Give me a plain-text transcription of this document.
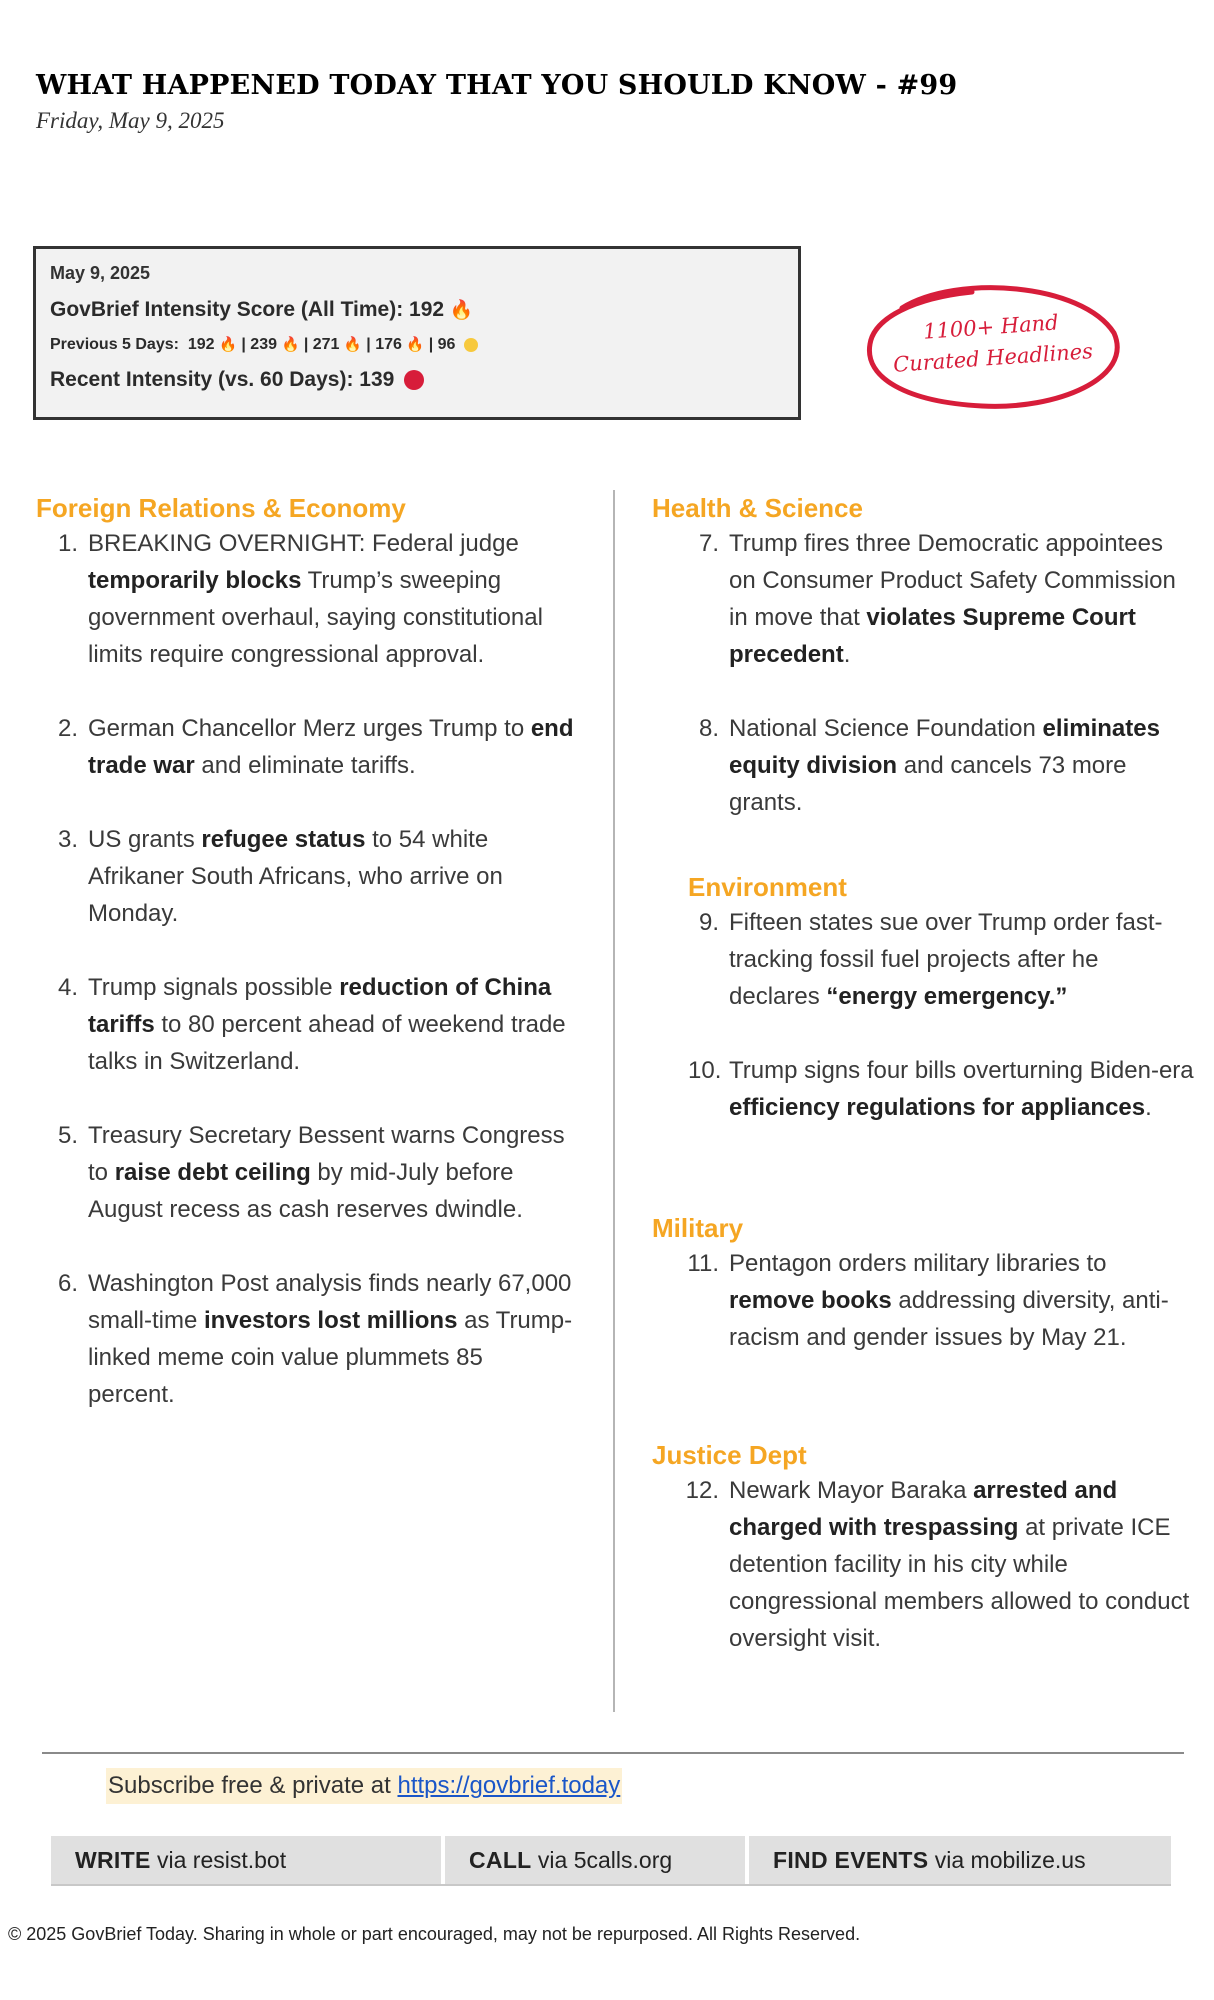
WHAT HAPPENED TODAY THAT YOU SHOULD KNOW - #99
Friday, May 9, 2025
May 9, 2025
GovBrief Intensity Score (All Time): 192 🔥
Previous 5 Days: 192 🔥 | 239 🔥 | 271 🔥 | 176 🔥 | 96
Recent Intensity (vs. 60 Days): 139
1100+ Hand
Curated Headlines
Foreign Relations & Economy
1. BREAKING OVERNIGHT: Federal judge temporarily blocks Trump’s sweeping government overhaul, saying constitutional limits require congressional approval.
2. German Chancellor Merz urges Trump to end trade war and eliminate tariffs.
3. US grants refugee status to 54 white Afrikaner South Africans, who arrive on Monday.
4. Trump signals possible reduction of China tariffs to 80 percent ahead of weekend trade talks in Switzerland.
5. Treasury Secretary Bessent warns Congress to raise debt ceiling by mid-July before August recess as cash reserves dwindle.
6. Washington Post analysis finds nearly 67,000 small-time investors lost millions as Trump-linked meme coin value plummets 85 percent.
Health & Science
7. Trump fires three Democratic appointees on Consumer Product Safety Commission in move that violates Supreme Court precedent.
8. National Science Foundation eliminates equity division and cancels 73 more grants.
Environment
9. Fifteen states sue over Trump order fast-tracking fossil fuel projects after he declares “energy emergency.”
10. Trump signs four bills overturning Biden-era efficiency regulations for appliances.
Military
11. Pentagon orders military libraries to remove books addressing diversity, anti-racism and gender issues by May 21.
Justice Dept
12. Newark Mayor Baraka arrested and charged with trespassing at private ICE detention facility in his city while congressional members allowed to conduct oversight visit.
Subscribe free & private at https://govbrief.today
WRITE via resist.bot	CALL via 5calls.org	FIND EVENTS via mobilize.us
© 2025 GovBrief Today. Sharing in whole or part encouraged, may not be repurposed. All Rights Reserved.
